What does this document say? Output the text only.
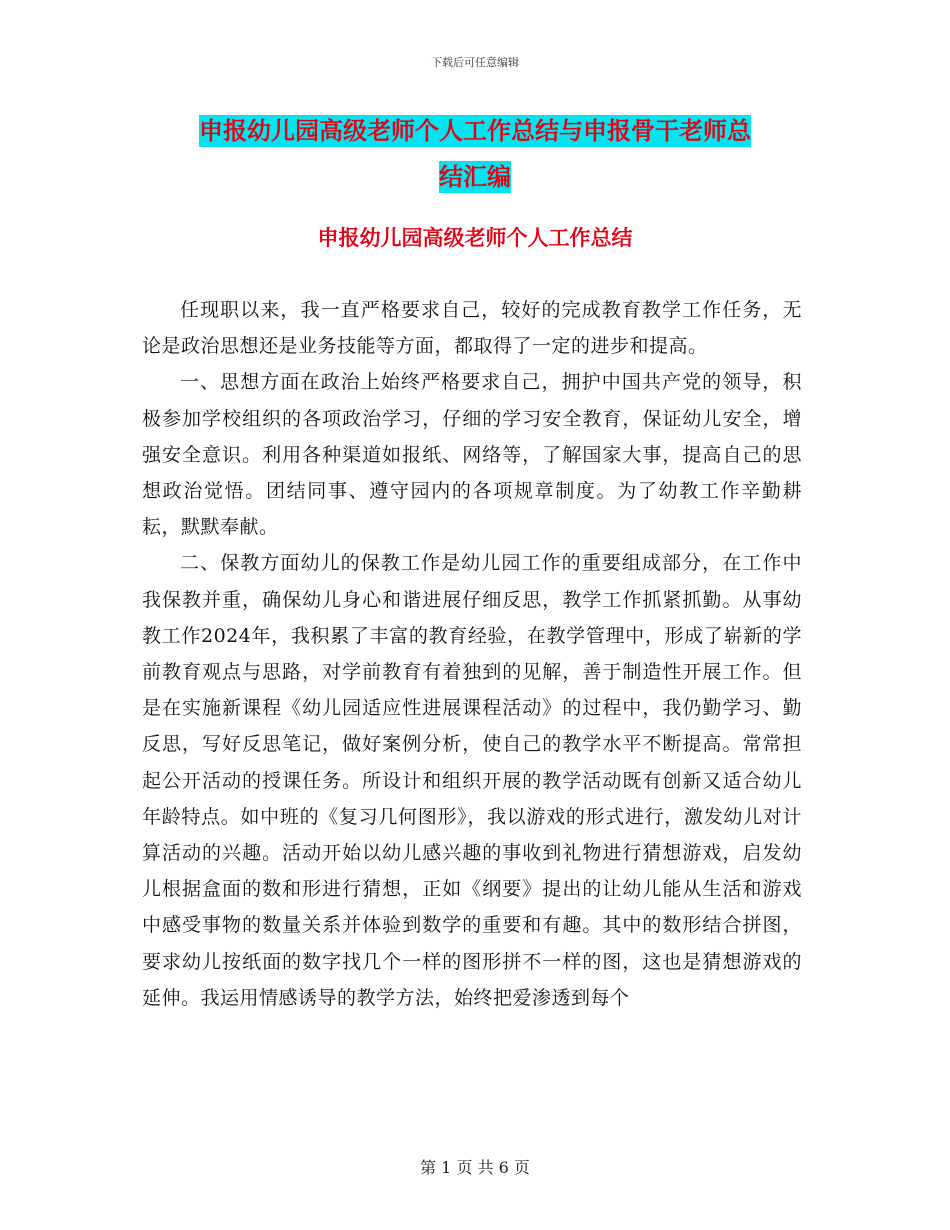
下载后可任意编辑
申报幼儿园高级老师个人工作总结与申报骨干老师总
结汇编
申报幼儿园高级老师个人工作总结

任现职以来，我一直严格要求自己，较好的完成教育教学工作任务，无论是政治思想还是业务技能等方面，都取得了一定的进步和提高。

一、思想方面在政治上始终严格要求自己，拥护中国共产党的领导，积极参加学校组织的各项政治学习，仔细的学习安全教育，保证幼儿安全，增强安全意识。利用各种渠道如报纸、网络等，了解国家大事，提高自己的思想政治觉悟。团结同事、遵守园内的各项规章制度。为了幼教工作辛勤耕耘，默默奉献。

二、保教方面幼儿的保教工作是幼儿园工作的重要组成部分，在工作中我保教并重，确保幼儿身心和谐进展仔细反思，教学工作抓紧抓勤。从事幼教工作2024年，我积累了丰富的教育经验，在教学管理中，形成了崭新的学前教育观点与思路，对学前教育有着独到的见解，善于制造性开展工作。但是在实施新课程《幼儿园适应性进展课程活动》的过程中，我仍勤学习、勤反思，写好反思笔记，做好案例分析，使自己的教学水平不断提高。常常担起公开活动的授课任务。所设计和组织开展的教学活动既有创新又适合幼儿年龄特点。如中班的《复习几何图形》，我以游戏的形式进行，激发幼儿对计算活动的兴趣。活动开始以幼儿感兴趣的事收到礼物进行猜想游戏，启发幼儿根据盒面的数和形进行猜想，正如《纲要》提出的让幼儿能从生活和游戏中感受事物的数量关系并体验到数学的重要和有趣。其中的数形结合拼图，要求幼儿按纸面的数字找几个一样的图形拼不一样的图，这也是猜想游戏的延伸。我运用情感诱导的教学方法，始终把爱渗透到每个

第 1 页 共 6 页
